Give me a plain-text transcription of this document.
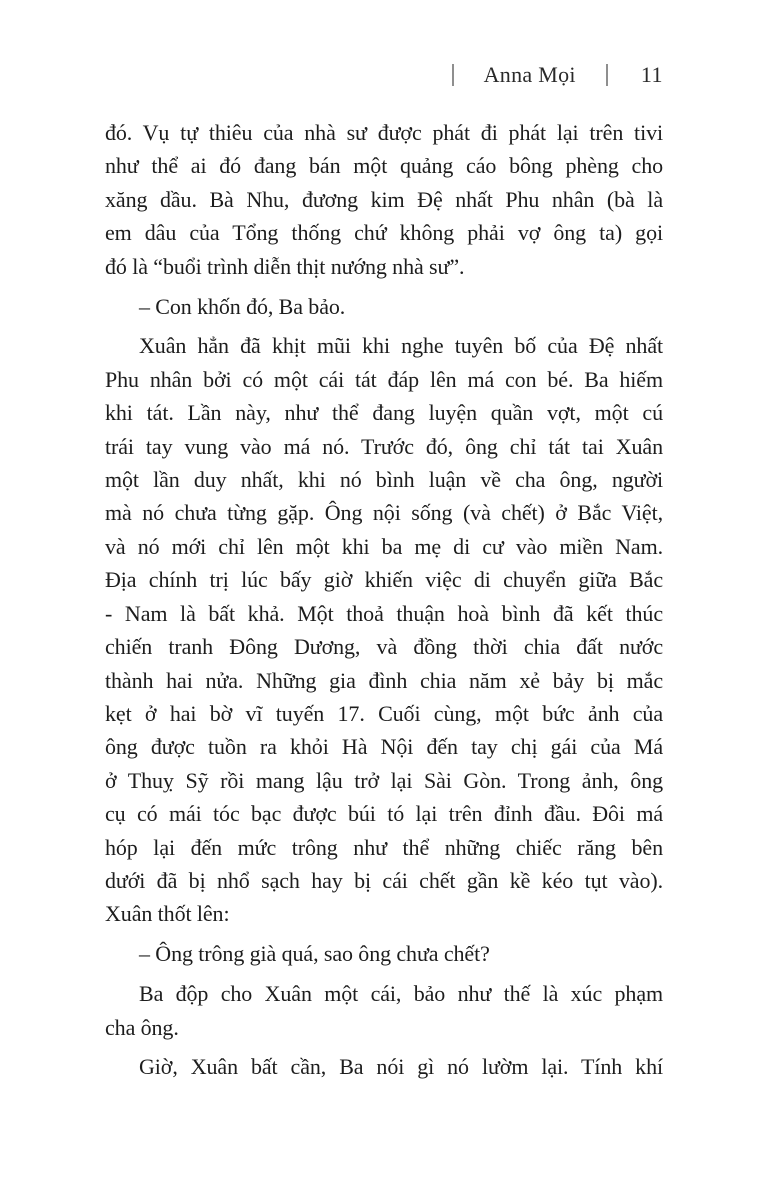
Anna Mọi	11
đó. Vụ tự thiêu của nhà sư được phát đi phát lại trên tivi
như thể ai đó đang bán một quảng cáo bông phèng cho
xăng dầu. Bà Nhu, đương kim Đệ nhất Phu nhân (bà là
em dâu của Tổng thống chứ không phải vợ ông ta) gọi
đó là “buổi trình diễn thịt nướng nhà sư”.
– Con khốn đó, Ba bảo.
Xuân hẳn đã khịt mũi khi nghe tuyên bố của Đệ nhất
Phu nhân bởi có một cái tát đáp lên má con bé. Ba hiếm
khi tát. Lần này, như thể đang luyện quần vợt, một cú
trái tay vung vào má nó. Trước đó, ông chỉ tát tai Xuân
một lần duy nhất, khi nó bình luận về cha ông, người
mà nó chưa từng gặp. Ông nội sống (và chết) ở Bắc Việt,
và nó mới chỉ lên một khi ba mẹ di cư vào miền Nam.
Địa chính trị lúc bấy giờ khiến việc di chuyển giữa Bắc
- Nam là bất khả. Một thoả thuận hoà bình đã kết thúc
chiến tranh Đông Dương, và đồng thời chia đất nước
thành hai nửa. Những gia đình chia năm xẻ bảy bị mắc
kẹt ở hai bờ vĩ tuyến 17. Cuối cùng, một bức ảnh của
ông được tuồn ra khỏi Hà Nội đến tay chị gái của Má
ở Thuỵ Sỹ rồi mang lậu trở lại Sài Gòn. Trong ảnh, ông
cụ có mái tóc bạc được búi tó lại trên đỉnh đầu. Đôi má
hóp lại đến mức trông như thể những chiếc răng bên
dưới đã bị nhổ sạch hay bị cái chết gần kề kéo tụt vào).
Xuân thốt lên:
– Ông trông già quá, sao ông chưa chết?
Ba độp cho Xuân một cái, bảo như thế là xúc phạm
cha ông.
Giờ, Xuân bất cần, Ba nói gì nó lườm lại. Tính khí
